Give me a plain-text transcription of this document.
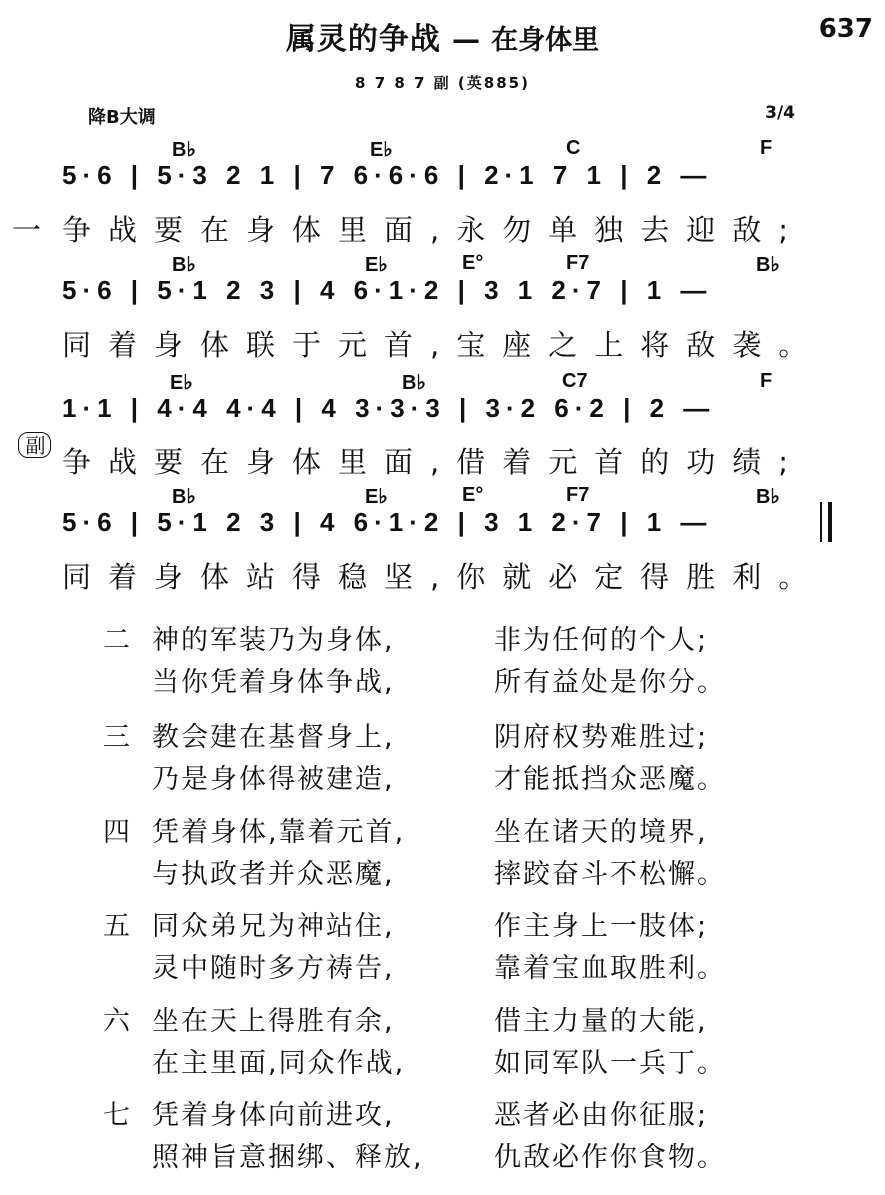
属灵的争战 — 在身体里	637
8 7 8 7 副 (英885)
降B大调	3/4
B♭	E♭	C	F
5·6 | 5·3 2 1 | 7 6·6·6 | 2·1 7 1 | 2 —
一 争战要在身体里面,永勿单独去迎敌;
B♭	E♭	E°	F7	B♭
5·6 | 5·1 2 3 | 4 6·1·2 | 3 1 2·7 | 1 —
同着身体联于元首,宝座之上将敌袭。
E♭	B♭	C7	F
1·1 | 4·4 4·4 | 4 3·3·3 | 3·2 6·2 | 2 —
副 争战要在身体里面,借着元首的功绩;
B♭	E♭	E°	F7	B♭
5·6 | 5·1 2 3 | 4 6·1·2 | 3 1 2·7 | 1 —
同着身体站得稳坚,你就必定得胜利。
二 神的军装乃为身体,	非为任何的个人;
当你凭着身体争战,	所有益处是你分。
三 教会建在基督身上,	阴府权势难胜过;
乃是身体得被建造,	才能抵挡众恶魔。
四 凭着身体,靠着元首,	坐在诸天的境界,
与执政者并众恶魔,	摔跤奋斗不松懈。
五 同众弟兄为神站住,	作主身上一肢体;
灵中随时多方祷告,	靠着宝血取胜利。
六 坐在天上得胜有余,	借主力量的大能,
在主里面,同众作战,	如同军队一兵丁。
七 凭着身体向前进攻,	恶者必由你征服;
照神旨意捆绑、释放,	仇敌必作你食物。
